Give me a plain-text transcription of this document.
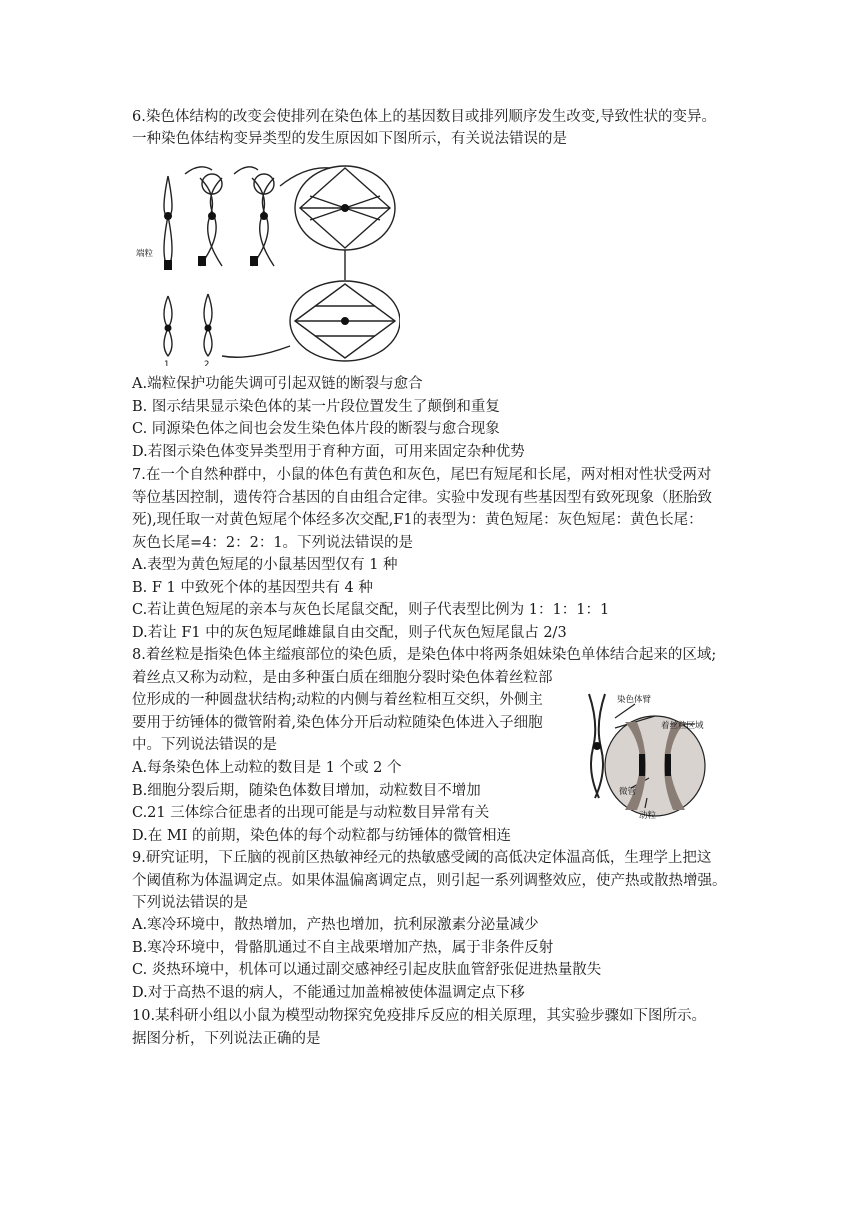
6.染色体结构的改变会使排列在染色体上的基因数目或排列顺序发生改变,导致性状的变异。
一种染色体结构变异类型的发生原因如下图所示，有关说法错误的是
端粒
1	2
A.端粒保护功能失调可引起双链的断裂与愈合
B. 图示结果显示染色体的某一片段位置发生了颠倒和重复
C. 同源染色体之间也会发生染色体片段的断裂与愈合现象
D.若图示染色体变异类型用于育种方面，可用来固定杂种优势
7.在一个自然种群中，小鼠的体色有黄色和灰色，尾巴有短尾和长尾，两对相对性状受两对
等位基因控制，遗传符合基因的自由组合定律。实验中发现有些基因型有致死现象（胚胎致
死),现任取一对黄色短尾个体经多次交配,F1的表型为：黄色短尾：灰色短尾：黄色长尾：
灰色长尾=4：2：2：1。下列说法错误的是
A.表型为黄色短尾的小鼠基因型仅有 1 种
B. F 1 中致死个体的基因型共有 4 种
C.若让黄色短尾的亲本与灰色长尾鼠交配，则子代表型比例为 1：1：1：1
D.若让 F1 中的灰色短尾雌雄鼠自由交配，则子代灰色短尾鼠占 2/3
8.着丝粒是指染色体主缢痕部位的染色质，是染色体中将两条姐妹染色单体结合起来的区域;
着丝点又称为动粒，是由多种蛋白质在细胞分裂时染色体着丝粒部
位形成的一种圆盘状结构;动粒的内侧与着丝粒相互交织，外侧主
要用于纺锤体的微管附着,染色体分开后动粒随染色体进入子细胞
中。下列说法错误的是
A.每条染色体上动粒的数目是 1 个或 2 个
B.细胞分裂后期，随染色体数目增加，动粒数目不增加
C.21 三体综合征患者的出现可能是与动粒数目异常有关
D.在 MI 的前期，染色体的每个动粒都与纺锤体的微管相连
染色体臂
着丝粒区域
微管
动粒
9.研究证明，下丘脑的视前区热敏神经元的热敏感受阈的高低决定体温高低，生理学上把这
个阈值称为体温调定点。如果体温偏离调定点，则引起一系列调整效应，使产热或散热增强。
下列说法错误的是
A.寒冷环境中，散热增加，产热也增加，抗利尿激素分泌量减少
B.寒冷环境中，骨骼肌通过不自主战栗增加产热，属于非条件反射
C. 炎热环境中，机体可以通过副交感神经引起皮肤血管舒张促进热量散失
D.对于高热不退的病人，不能通过加盖棉被使体温调定点下移
10.某科研小组以小鼠为模型动物探究免疫排斥反应的相关原理，其实验步骤如下图所示。
据图分析，下列说法正确的是
